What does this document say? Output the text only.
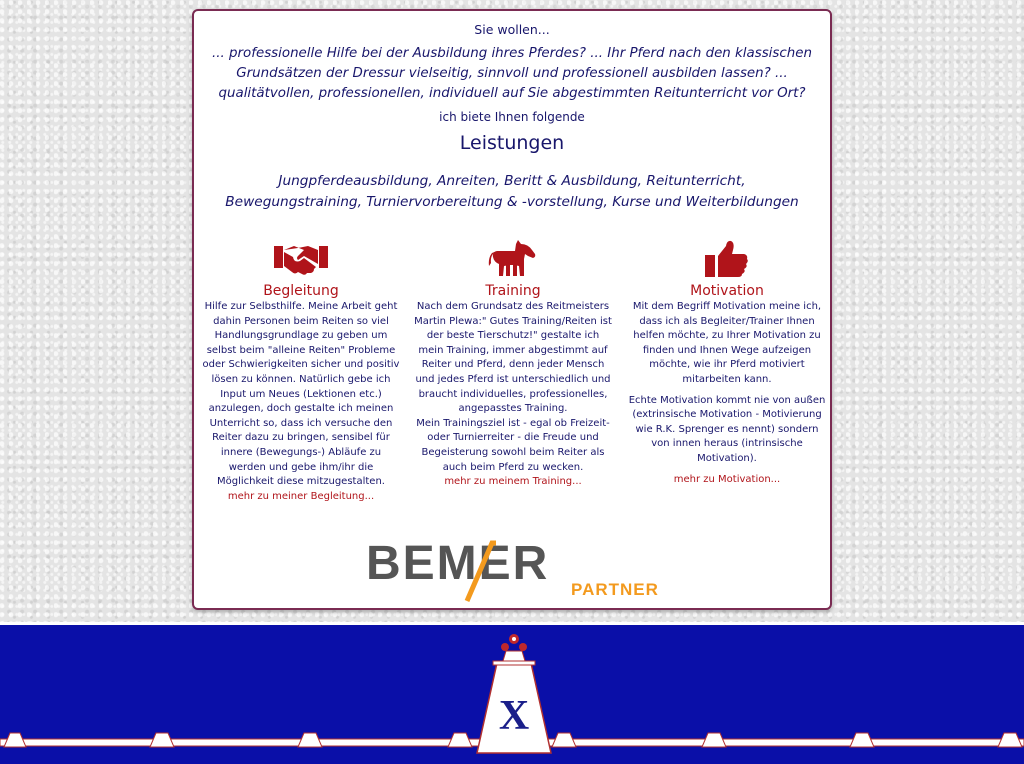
Sie wollen...
... professionelle Hilfe bei der Ausbildung ihres Pferdes? ... Ihr Pferd nach den klassischen Grundsätzen der Dressur vielseitig, sinnvoll und professionell ausbilden lassen? ... qualitätvollen, professionellen, individuell auf Sie abgestimmten Reitunterricht vor Ort?
ich biete Ihnen folgende
Leistungen
Jungpferdeausbildung, Anreiten, Beritt & Ausbildung, Reitunterricht, Bewegungstraining, Turniervorbereitung & -vorstellung, Kurse und Weiterbildungen
Begleitung
Hilfe zur Selbsthilfe. Meine Arbeit geht dahin Personen beim Reiten so viel Handlungsgrundlage zu geben um selbst beim "alleine Reiten" Probleme oder Schwierigkeiten sicher und positiv lösen zu können. Natürlich gebe ich Input um Neues (Lektionen etc.) anzulegen, doch gestalte ich meinen Unterricht so, dass ich versuche den Reiter dazu zu bringen, sensibel für innere (Bewegungs-) Abläufe zu werden und gebe ihm/ihr die Möglichkeit diese mitzugestalten.
mehr zu meiner Begleitung...
Training
Nach dem Grundsatz des Reitmeisters Martin Plewa:" Gutes Training/Reiten ist der beste Tierschutz!" gestalte ich mein Training, immer abgestimmt auf Reiter und Pferd, denn jeder Mensch und jedes Pferd ist unterschiedlich und braucht individuelles, professionelles, angepasstes Training.
Mein Trainingsziel ist - egal ob Freizeit- oder Turnierreiter - die Freude und Begeisterung sowohl beim Reiter als auch beim Pferd zu wecken.
mehr zu meinem Training...
Motivation

Mit dem Begriff Motivation meine ich, dass ich als Begleiter/Trainer Ihnen helfen möchte, zu Ihrer Motivation zu finden und Ihnen Wege aufzeigen möchte, wie ihr Pferd motiviert mitarbeiten kann.

Echte Motivation kommt nie von außen (extrinsische Motivation - Motivierung wie R.K. Sprenger es nennt) sondern von innen heraus (intrinsische Motivation).

mehr zu Motivation...
BEMER PARTNER
X
